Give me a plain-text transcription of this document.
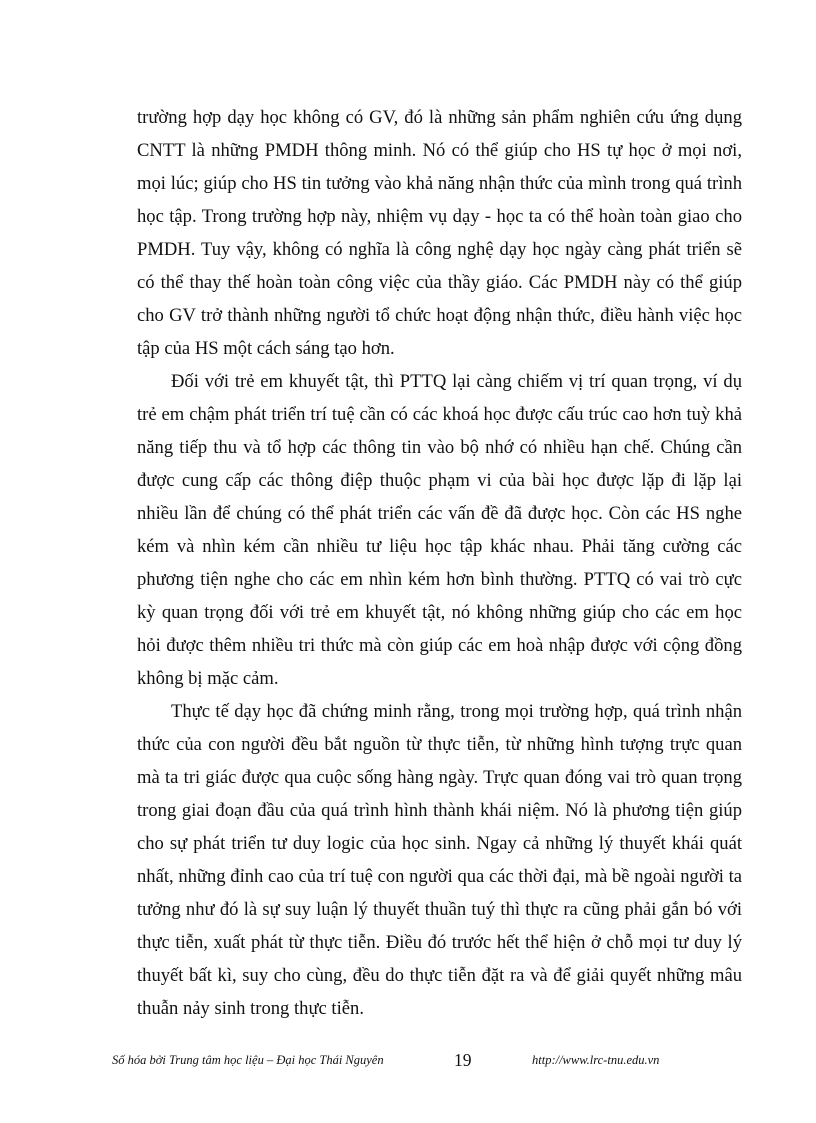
trường hợp dạy học không có GV, đó là những sản phẩm nghiên cứu ứng dụng CNTT là những PMDH thông minh. Nó có thể giúp cho HS tự học ở mọi nơi, mọi lúc; giúp cho HS tin tưởng vào khả năng nhận thức của mình trong quá trình học tập. Trong trường hợp này, nhiệm vụ dạy - học ta có thể hoàn toàn giao cho PMDH. Tuy vậy, không có nghĩa là công nghệ dạy học ngày càng phát triển sẽ có thể thay thế hoàn toàn công việc của thầy giáo. Các PMDH này có thể giúp cho GV trở thành những người tổ chức hoạt động nhận thức, điều hành việc học tập của HS một cách sáng tạo hơn.

Đối với trẻ em khuyết tật, thì PTTQ lại càng chiếm vị trí quan trọng, ví dụ trẻ em chậm phát triển trí tuệ cần có các khoá học được cấu trúc cao hơn tuỳ khả năng tiếp thu và tổ hợp các thông tin vào bộ nhớ có nhiều hạn chế. Chúng cần được cung cấp các thông điệp thuộc phạm vi của bài học được lặp đi lặp lại nhiều lần để chúng có thể phát triển các vấn đề đã được học. Còn các HS nghe kém và nhìn kém cần nhiều tư liệu học tập khác nhau. Phải tăng cường các phương tiện nghe cho các em nhìn kém hơn bình thường. PTTQ có vai trò cực kỳ quan trọng đối với trẻ em khuyết tật, nó không những giúp cho các em học hỏi được thêm nhiều tri thức mà còn giúp các em hoà nhập được với cộng đồng không bị mặc cảm.

Thực tế dạy học đã chứng minh rằng, trong mọi trường hợp, quá trình nhận thức của con người đều bắt nguồn từ thực tiễn, từ những hình tượng trực quan mà ta tri giác được qua cuộc sống hàng ngày. Trực quan đóng vai trò quan trọng trong giai đoạn đầu của quá trình hình thành khái niệm. Nó là phương tiện giúp cho sự phát triển tư duy logic của học sinh. Ngay cả những lý thuyết khái quát nhất, những đỉnh cao của trí tuệ con người qua các thời đại, mà bề ngoài người ta tưởng như đó là sự suy luận lý thuyết thuần tuý thì thực ra cũng phải gắn bó với thực tiễn, xuất phát từ thực tiễn. Điều đó trước hết thể hiện ở chỗ mọi tư duy lý thuyết bất kì, suy cho cùng, đều do thực tiễn đặt ra và để giải quyết những mâu thuẫn nảy sinh trong thực tiễn.

Số hóa bởi Trung tâm học liệu – Đại học Thái Nguyên	19	http://www.lrc-tnu.edu.vn
